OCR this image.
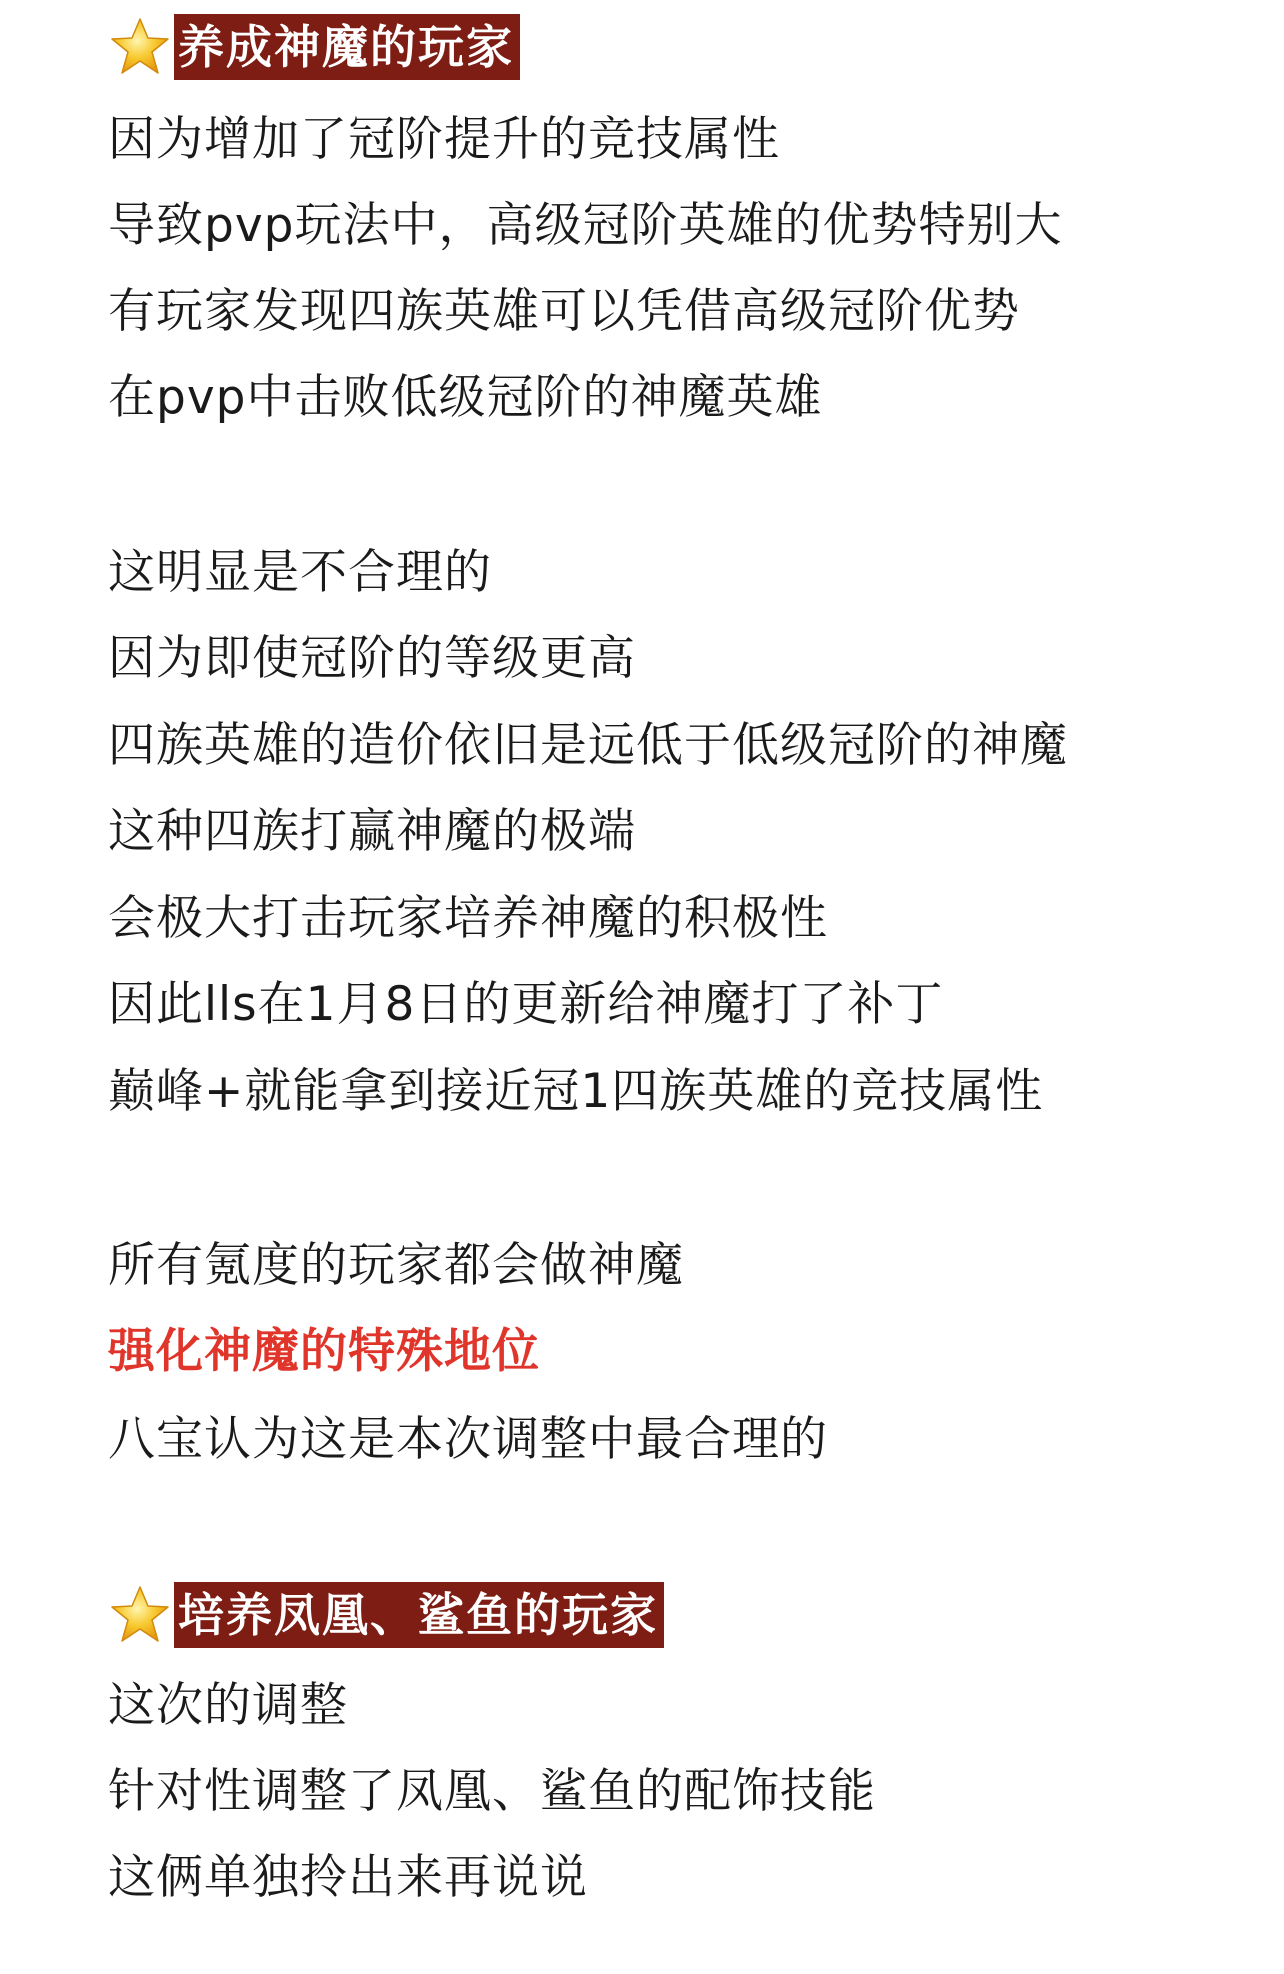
养成神魔的玩家
因为增加了冠阶提升的竞技属性
导致pvp玩法中，高级冠阶英雄的优势特别大
有玩家发现四族英雄可以凭借高级冠阶优势
在pvp中击败低级冠阶的神魔英雄
这明显是不合理的
因为即使冠阶的等级更高
四族英雄的造价依旧是远低于低级冠阶的神魔
这种四族打赢神魔的极端
会极大打击玩家培养神魔的积极性
因此lls在1月8日的更新给神魔打了补丁
巅峰+就能拿到接近冠1四族英雄的竞技属性
所有氪度的玩家都会做神魔
强化神魔的特殊地位
八宝认为这是本次调整中最合理的
培养凤凰、鲨鱼的玩家
这次的调整
针对性调整了凤凰、鲨鱼的配饰技能
这俩单独拎出来再说说
